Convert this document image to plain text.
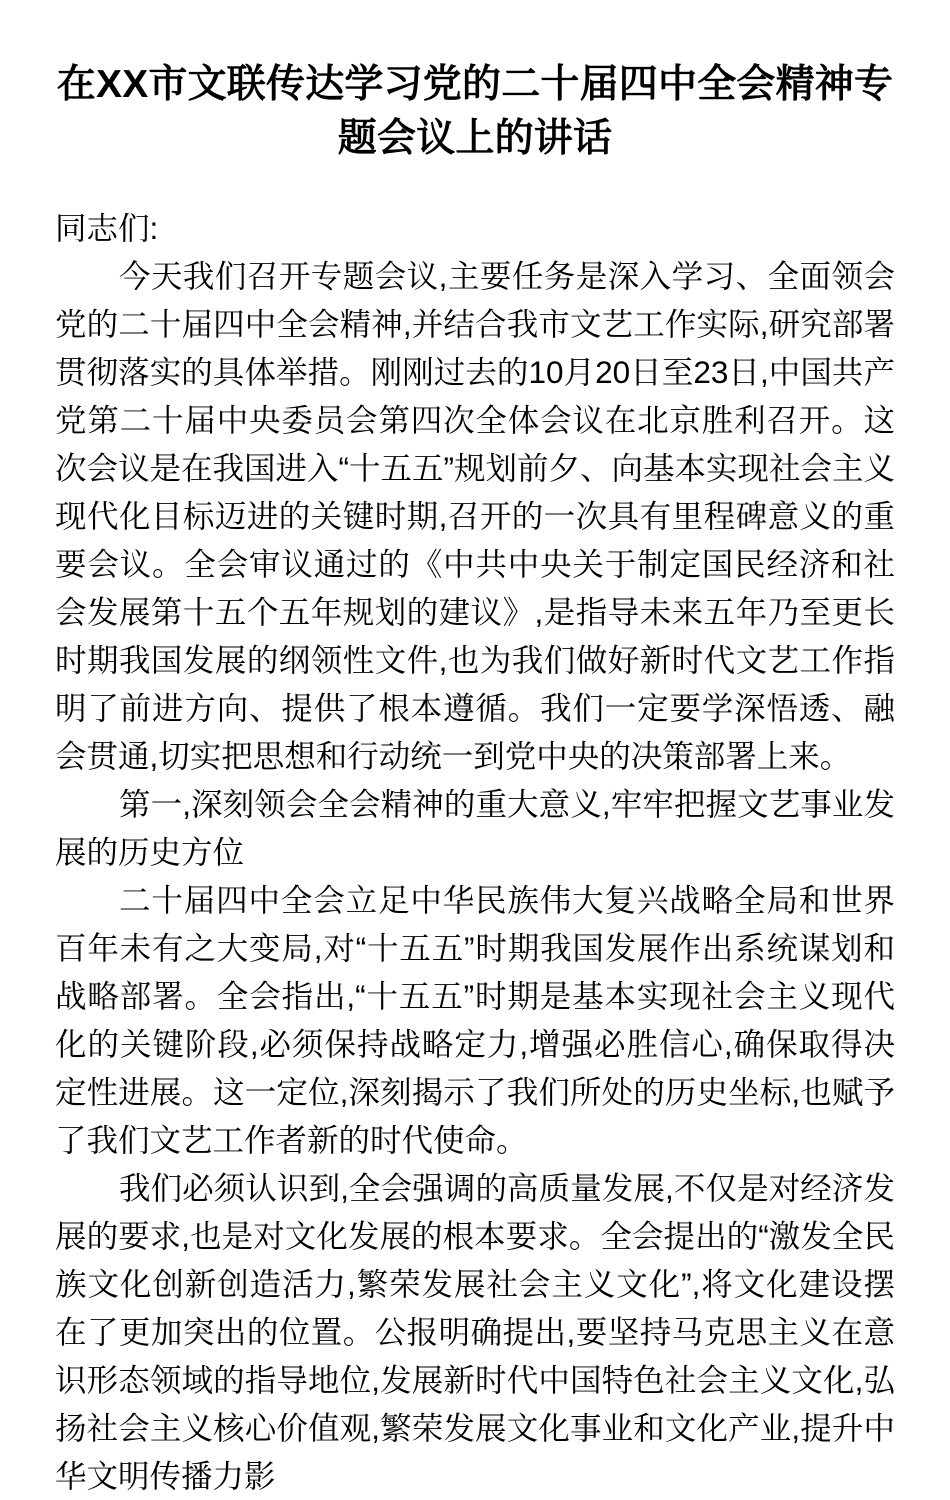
在XX市文联传达学习党的二十届四中全会精神专题会议上的讲话

同志们:

今天我们召开专题会议,主要任务是深入学习、全面领会党的二十届四中全会精神,并结合我市文艺工作实际,研究部署贯彻落实的具体举措。刚刚过去的10月20日至23日,中国共产党第二十届中央委员会第四次全体会议在北京胜利召开。这次会议是在我国进入“十五五”规划前夕、向基本实现社会主义现代化目标迈进的关键时期,召开的一次具有里程碑意义的重要会议。全会审议通过的《中共中央关于制定国民经济和社会发展第十五个五年规划的建议》,是指导未来五年乃至更长时期我国发展的纲领性文件,也为我们做好新时代文艺工作指明了前进方向、提供了根本遵循。我们一定要学深悟透、融会贯通,切实把思想和行动统一到党中央的决策部署上来。

第一,深刻领会全会精神的重大意义,牢牢把握文艺事业发展的历史方位

二十届四中全会立足中华民族伟大复兴战略全局和世界百年未有之大变局,对“十五五”时期我国发展作出系统谋划和战略部署。全会指出,“十五五”时期是基本实现社会主义现代化的关键阶段,必须保持战略定力,增强必胜信心,确保取得决定性进展。这一定位,深刻揭示了我们所处的历史坐标,也赋予了我们文艺工作者新的时代使命。

我们必须认识到,全会强调的高质量发展,不仅是对经济发展的要求,也是对文化发展的根本要求。全会提出的“激发全民族文化创新创造活力,繁荣发展社会主义文化”,将文化建设摆在了更加突出的位置。公报明确提出,要坚持马克思主义在意识形态领域的指导地位,发展新时代中国特色社会主义文化,弘扬社会主义核心价值观,繁荣发展文化事业和文化产业,提升中华文明传播力影
